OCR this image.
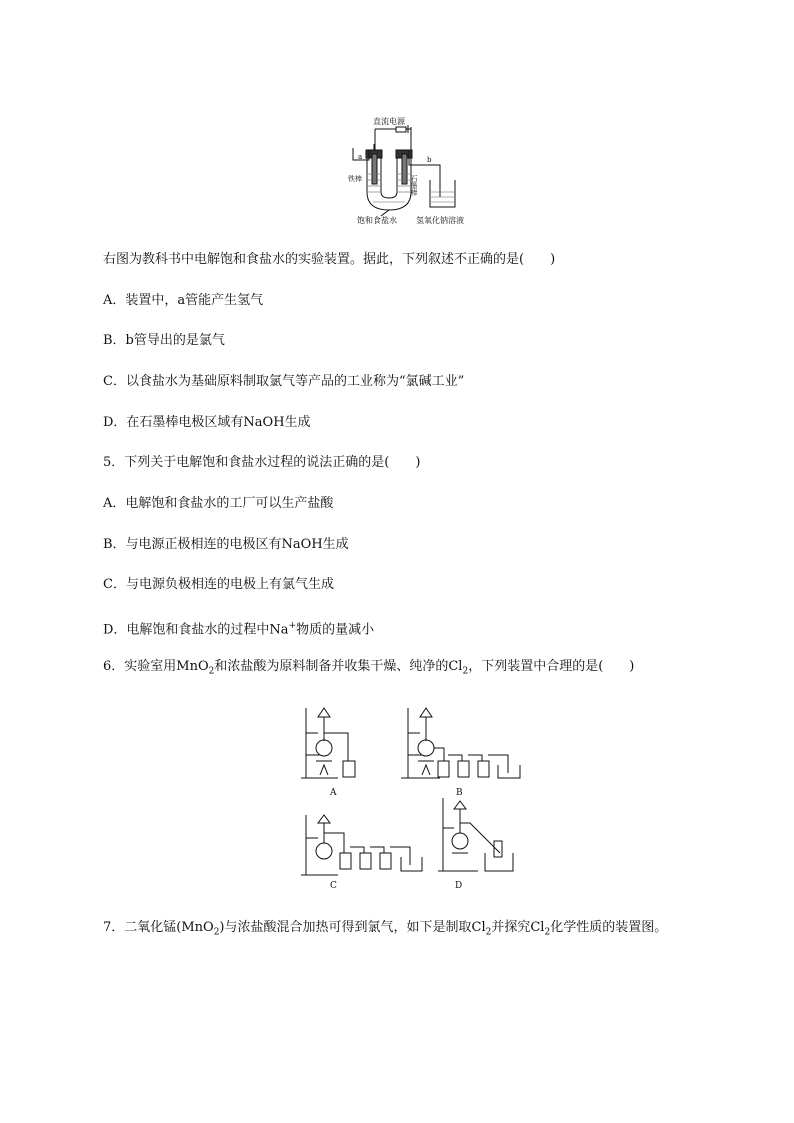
直流电源
a	b
铁棒	石墨棒
饱和食盐水 氢氧化钠溶液
右图为教科书中电解饱和食盐水的实验装置。据此，下列叙述不正确的是(　　)
A．装置中，a管能产生氢气
B．b管导出的是氯气
C．以食盐水为基础原料制取氯气等产品的工业称为“氯碱工业”
D．在石墨棒电极区域有NaOH生成
5．下列关于电解饱和食盐水过程的说法正确的是(　　)
A．电解饱和食盐水的工厂可以生产盐酸
B．与电源正极相连的电极区有NaOH生成
C．与电源负极相连的电极上有氯气生成
D．电解饱和食盐水的过程中Na+物质的量减小
6．实验室用MnO$_2$和浓盐酸为原料制备并收集干燥、纯净的$Cl_2$，下列装置中合理的是(　　)
A	B
C	D
7．二氧化锰(MnO$_2$)与浓盐酸混合加热可得到氯气，如下是制取$Cl_2$并探究$Cl_2$化学性质的装置图。
